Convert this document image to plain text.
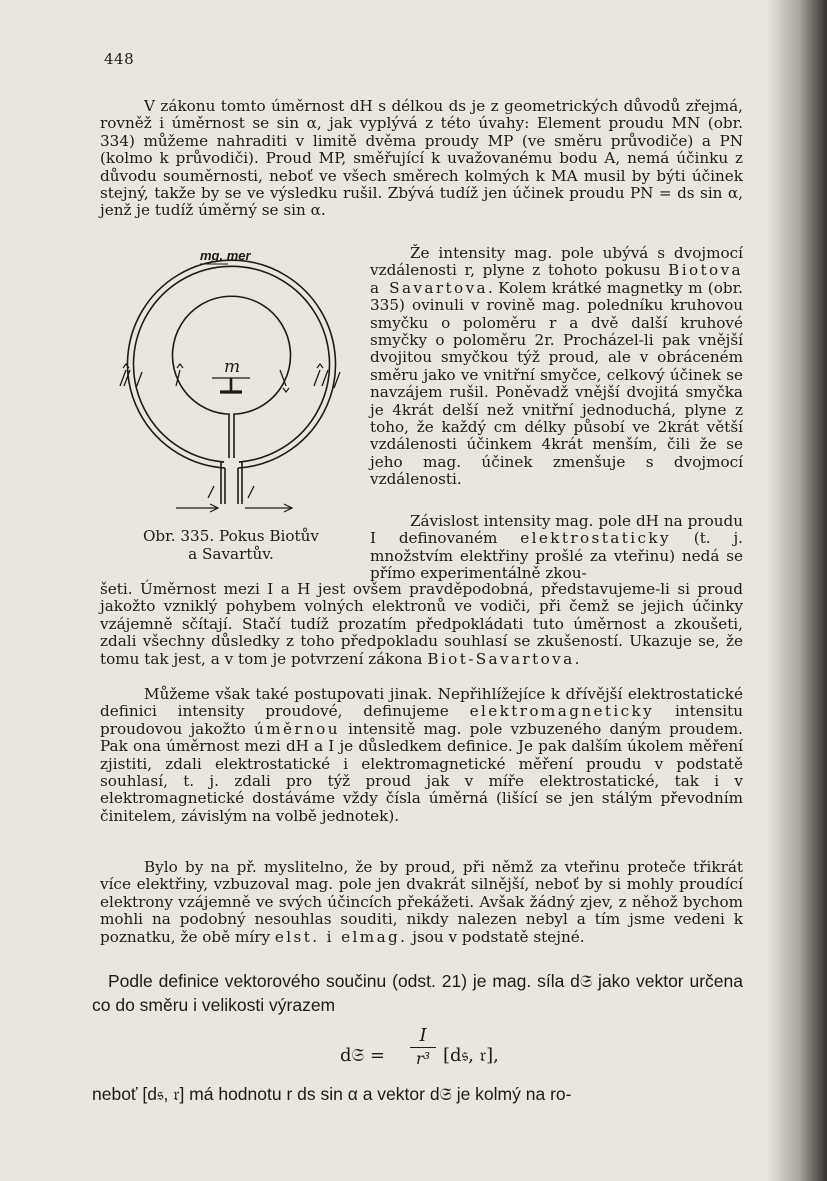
448

V zákonu tomto úměrnost dH s délkou ds je z geometrických důvodů zřejmá, rovněž i úměrnost se sin α, jak vyplývá z této úvahy: Element proudu MN (obr. 334) můžeme nahraditi v limitě dvěma proudy MP (ve směru průvodiče) a PN (kolmo k průvodiči). Proud MP, směřující k uvažovanému bodu A, nemá účinku z důvodu souměrnosti, neboť ve všech směrech kolmých k MA musil by býti účinek stejný, takže by se ve výsledku rušil. Zbývá tudíž jen účinek proudu PN = ds sin α, jenž je tudíž úměrný se sin α.

mg. mer
m
Obr. 335. Pokus Biotův
a Savartův.

Že intensity mag. pole ubývá s dvojmocí vzdálenosti r, plyne z tohoto pokusu Biotova a Savartova. Kolem krátké magnetky m (obr. 335) ovinuli v rovině mag. poledníku kruhovou smyčku o poloměru r a dvě další kruhové smyčky o poloměru 2r. Procházel-li pak vnější dvojitou smyčkou týž proud, ale v obráceném směru jako ve vnitřní smyčce, celkový účinek se navzájem rušil. Poněvadž vnější dvojitá smyčka je 4krát delší než vnitřní jednoduchá, plyne z toho, že každý cm délky působí ve 2krát větší vzdálenosti účinkem 4krát menším, čili že se jeho mag. účinek zmenšuje s dvojmocí vzdálenosti.

Závislost intensity mag. pole dH na proudu I definovaném elektrostaticky (t. j. množstvím elektřiny prošlé za vteřinu) nedá se přímo experimentálně zkou-

šeti. Úměrnost mezi I a H jest ovšem pravděpodobná, představujeme-li si proud jakožto vzniklý pohybem volných elektronů ve vodiči, při čemž se jejich účinky vzájemně sčítají. Stačí tudíž prozatím předpokládati tuto úměrnost a zkoušeti, zdali všechny důsledky z toho předpokladu souhlasí se zkušeností. Ukazuje se, že tomu tak jest, a v tom je potvrzení zákona Biot-Savartova.

Můžeme však také postupovati jinak. Nepřihlížejíce k dřívější elektrostatické definici intensity proudové, definujeme elektromagneticky intensitu proudovou jakožto úměrnou intensitě mag. pole vzbuzeného daným proudem. Pak ona úměrnost mezi dH a I je důsledkem definice. Je pak dalším úkolem měření zjistiti, zdali elektrostatické i elektromagnetické měření proudu v podstatě souhlasí, t. j. zdali pro týž proud jak v míře elektrostatické, tak i v elektromagnetické dostáváme vždy čísla úměrná (lišící se jen stálým převodním činitelem, závislým na volbě jednotek).

Bylo by na př. myslitelno, že by proud, při němž za vteřinu proteče třikrát více elektřiny, vzbuzoval mag. pole jen dvakrát silnější, neboť by si mohly proudící elektrony vzájemně ve svých účincích překážeti. Avšak žádný zjev, z něhož bychom mohli na podobný nesouhlas souditi, nikdy nalezen nebyl a tím jsme vedeni k poznatku, že obě míry elst. i elmag. jsou v podstatě stejné.

Podle definice vektorového součinu (odst. 21) je mag. síla d𝔖 jako vektor určena co do směru i velikosti výrazem

d𝔖 =
I
r³ [d𝔰, 𝔯],

neboť [d𝔰, 𝔯] má hodnotu r ds sin α a vektor d𝔖 je kolmý na ro-
